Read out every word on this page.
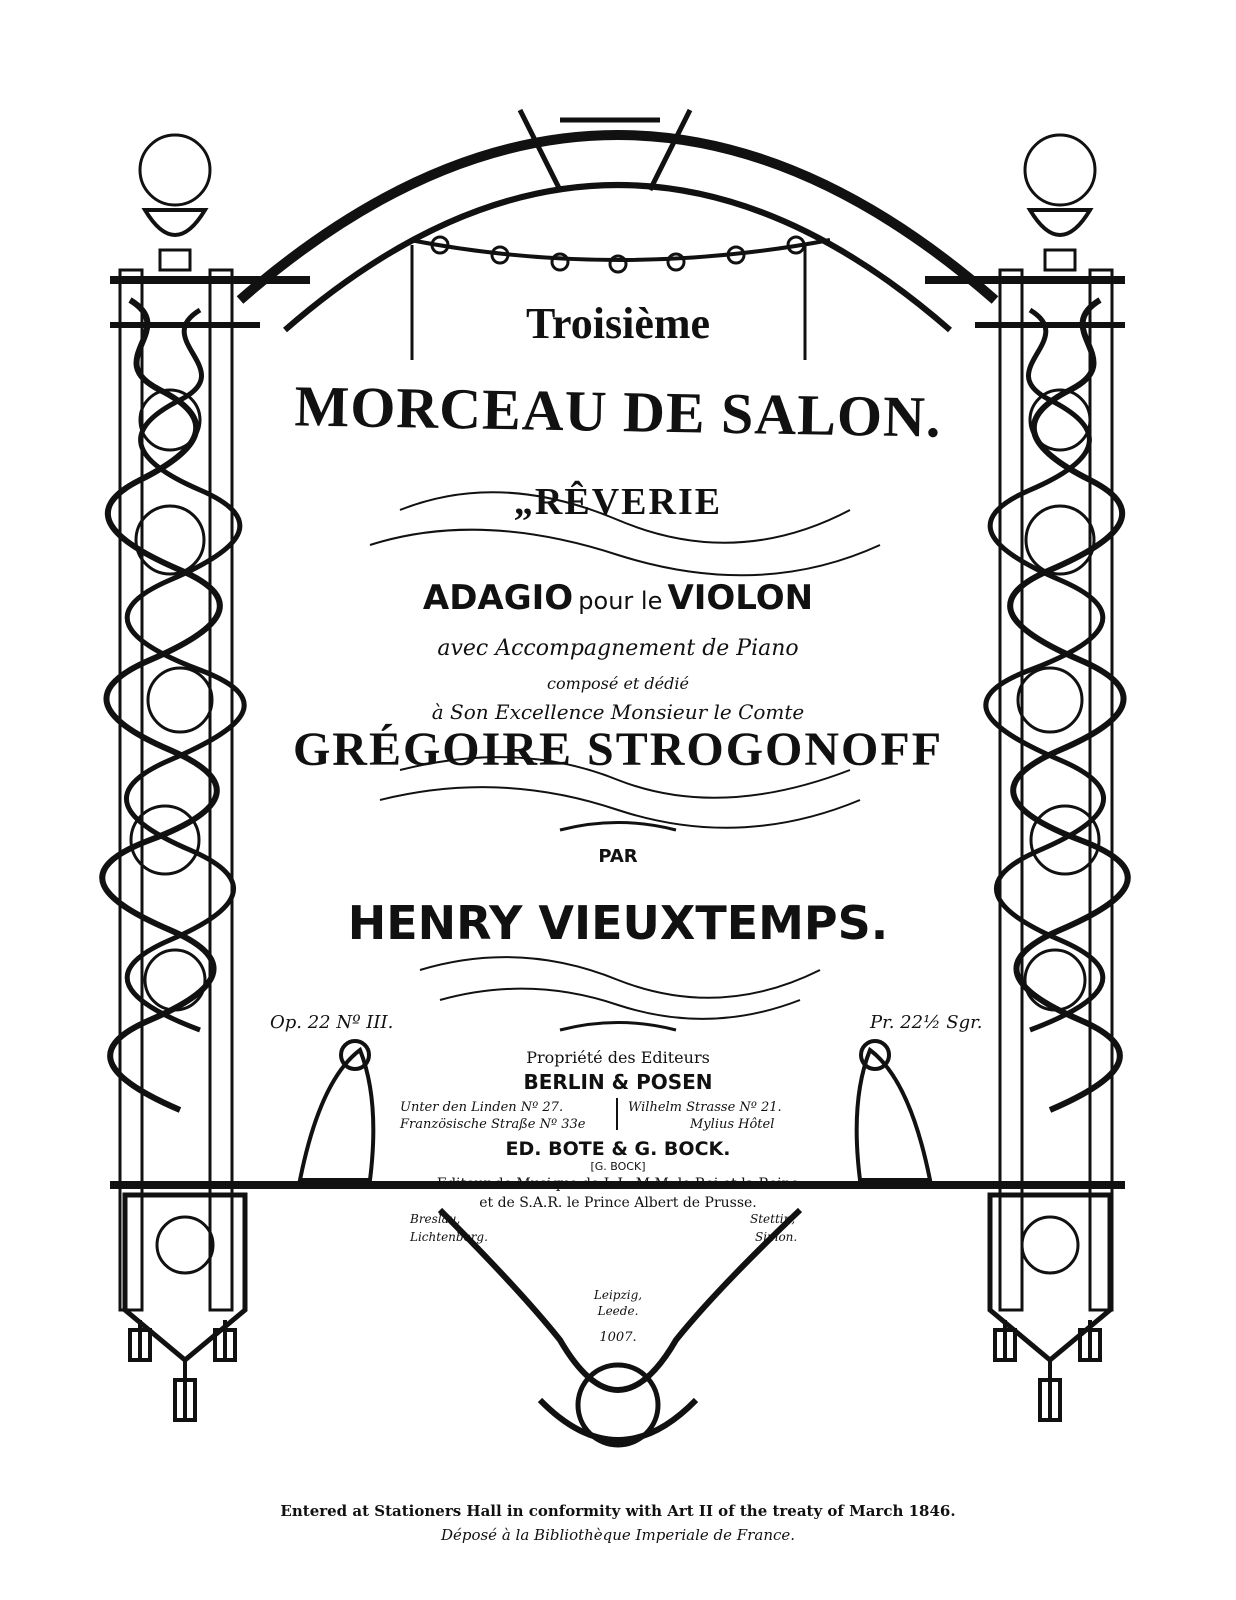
Troisième
MORCEAU DE SALON.
„RÊVERIE
ADAGIO pour le VIOLON
avec Accompagnement de Piano
composé et dédié
à Son Excellence Monsieur le Comte
GRÉGOIRE STROGONOFF
PAR
HENRY VIEUXTEMPS.
Op. 22 Nº III.	Pr. 22½ Sgr.
Propriété des Editeurs
BERLIN & POSEN
Unter den Linden Nº 27.
Französische Straße Nº 33e
Wilhelm Strasse Nº 21.
Mylius Hôtel
ED. BOTE & G. BOCK.
[G. BOCK]
Editeur de Musique de L.L. M.M. le Roi et la Reine
et de S.A.R. le Prince Albert de Prusse.
Breslau,
Lichtenberg.
Stettin,
Simon.
Leipzig,
Leede.
1007.
Entered at Stationers Hall in conformity with Art II of the treaty of March 1846.
Déposé à la Bibliothèque Imperiale de France.
